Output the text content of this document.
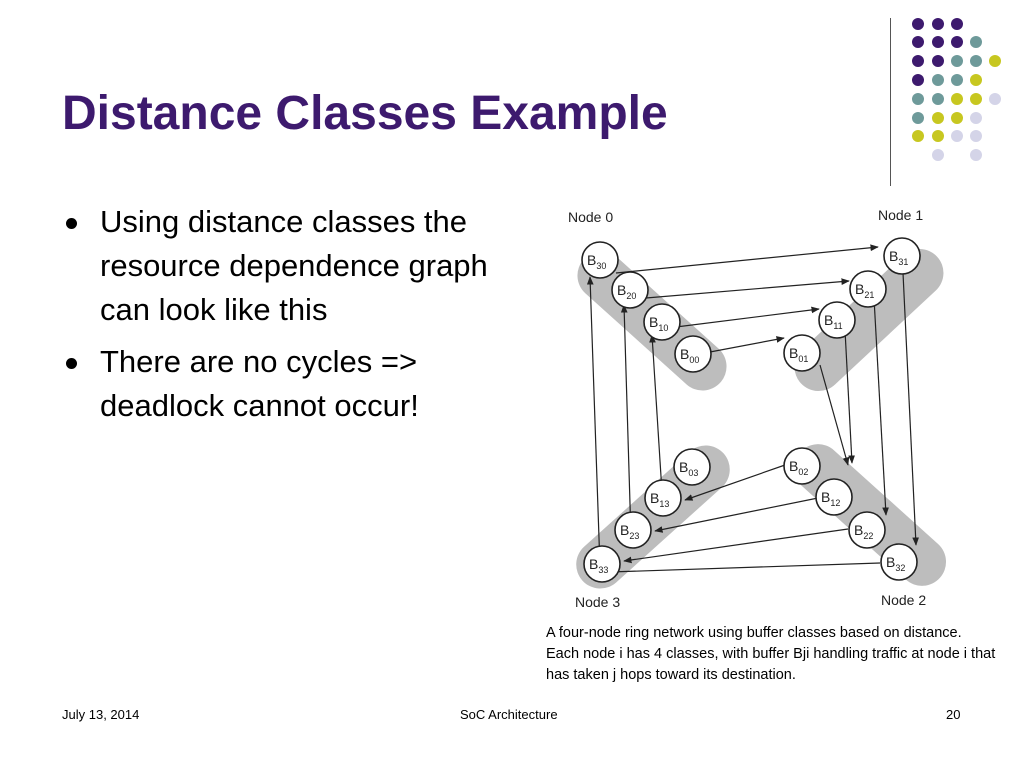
Distance Classes Example
Using distance classes the resource dependence graph can look like this
There are no cycles => deadlock cannot occur!
Node 0	Node 1
Node 2
Node 3
$B_{30}$
$B_{20}$
$B_{10}$
$B_{00}$
$B_{31}$
$B_{21}$
$B_{11}$
$B_{01}$
$B_{03}$
$B_{13}$
$B_{23}$
$B_{33}$
$B_{02}$
$B_{12}$
$B_{22}$
$B_{32}$
A four-node ring network using buffer classes based on distance.
Each node i has 4 classes, with buffer Bji handling traffic at node i that has taken j hops toward its destination.
July 13, 2014	SoC Architecture	20
